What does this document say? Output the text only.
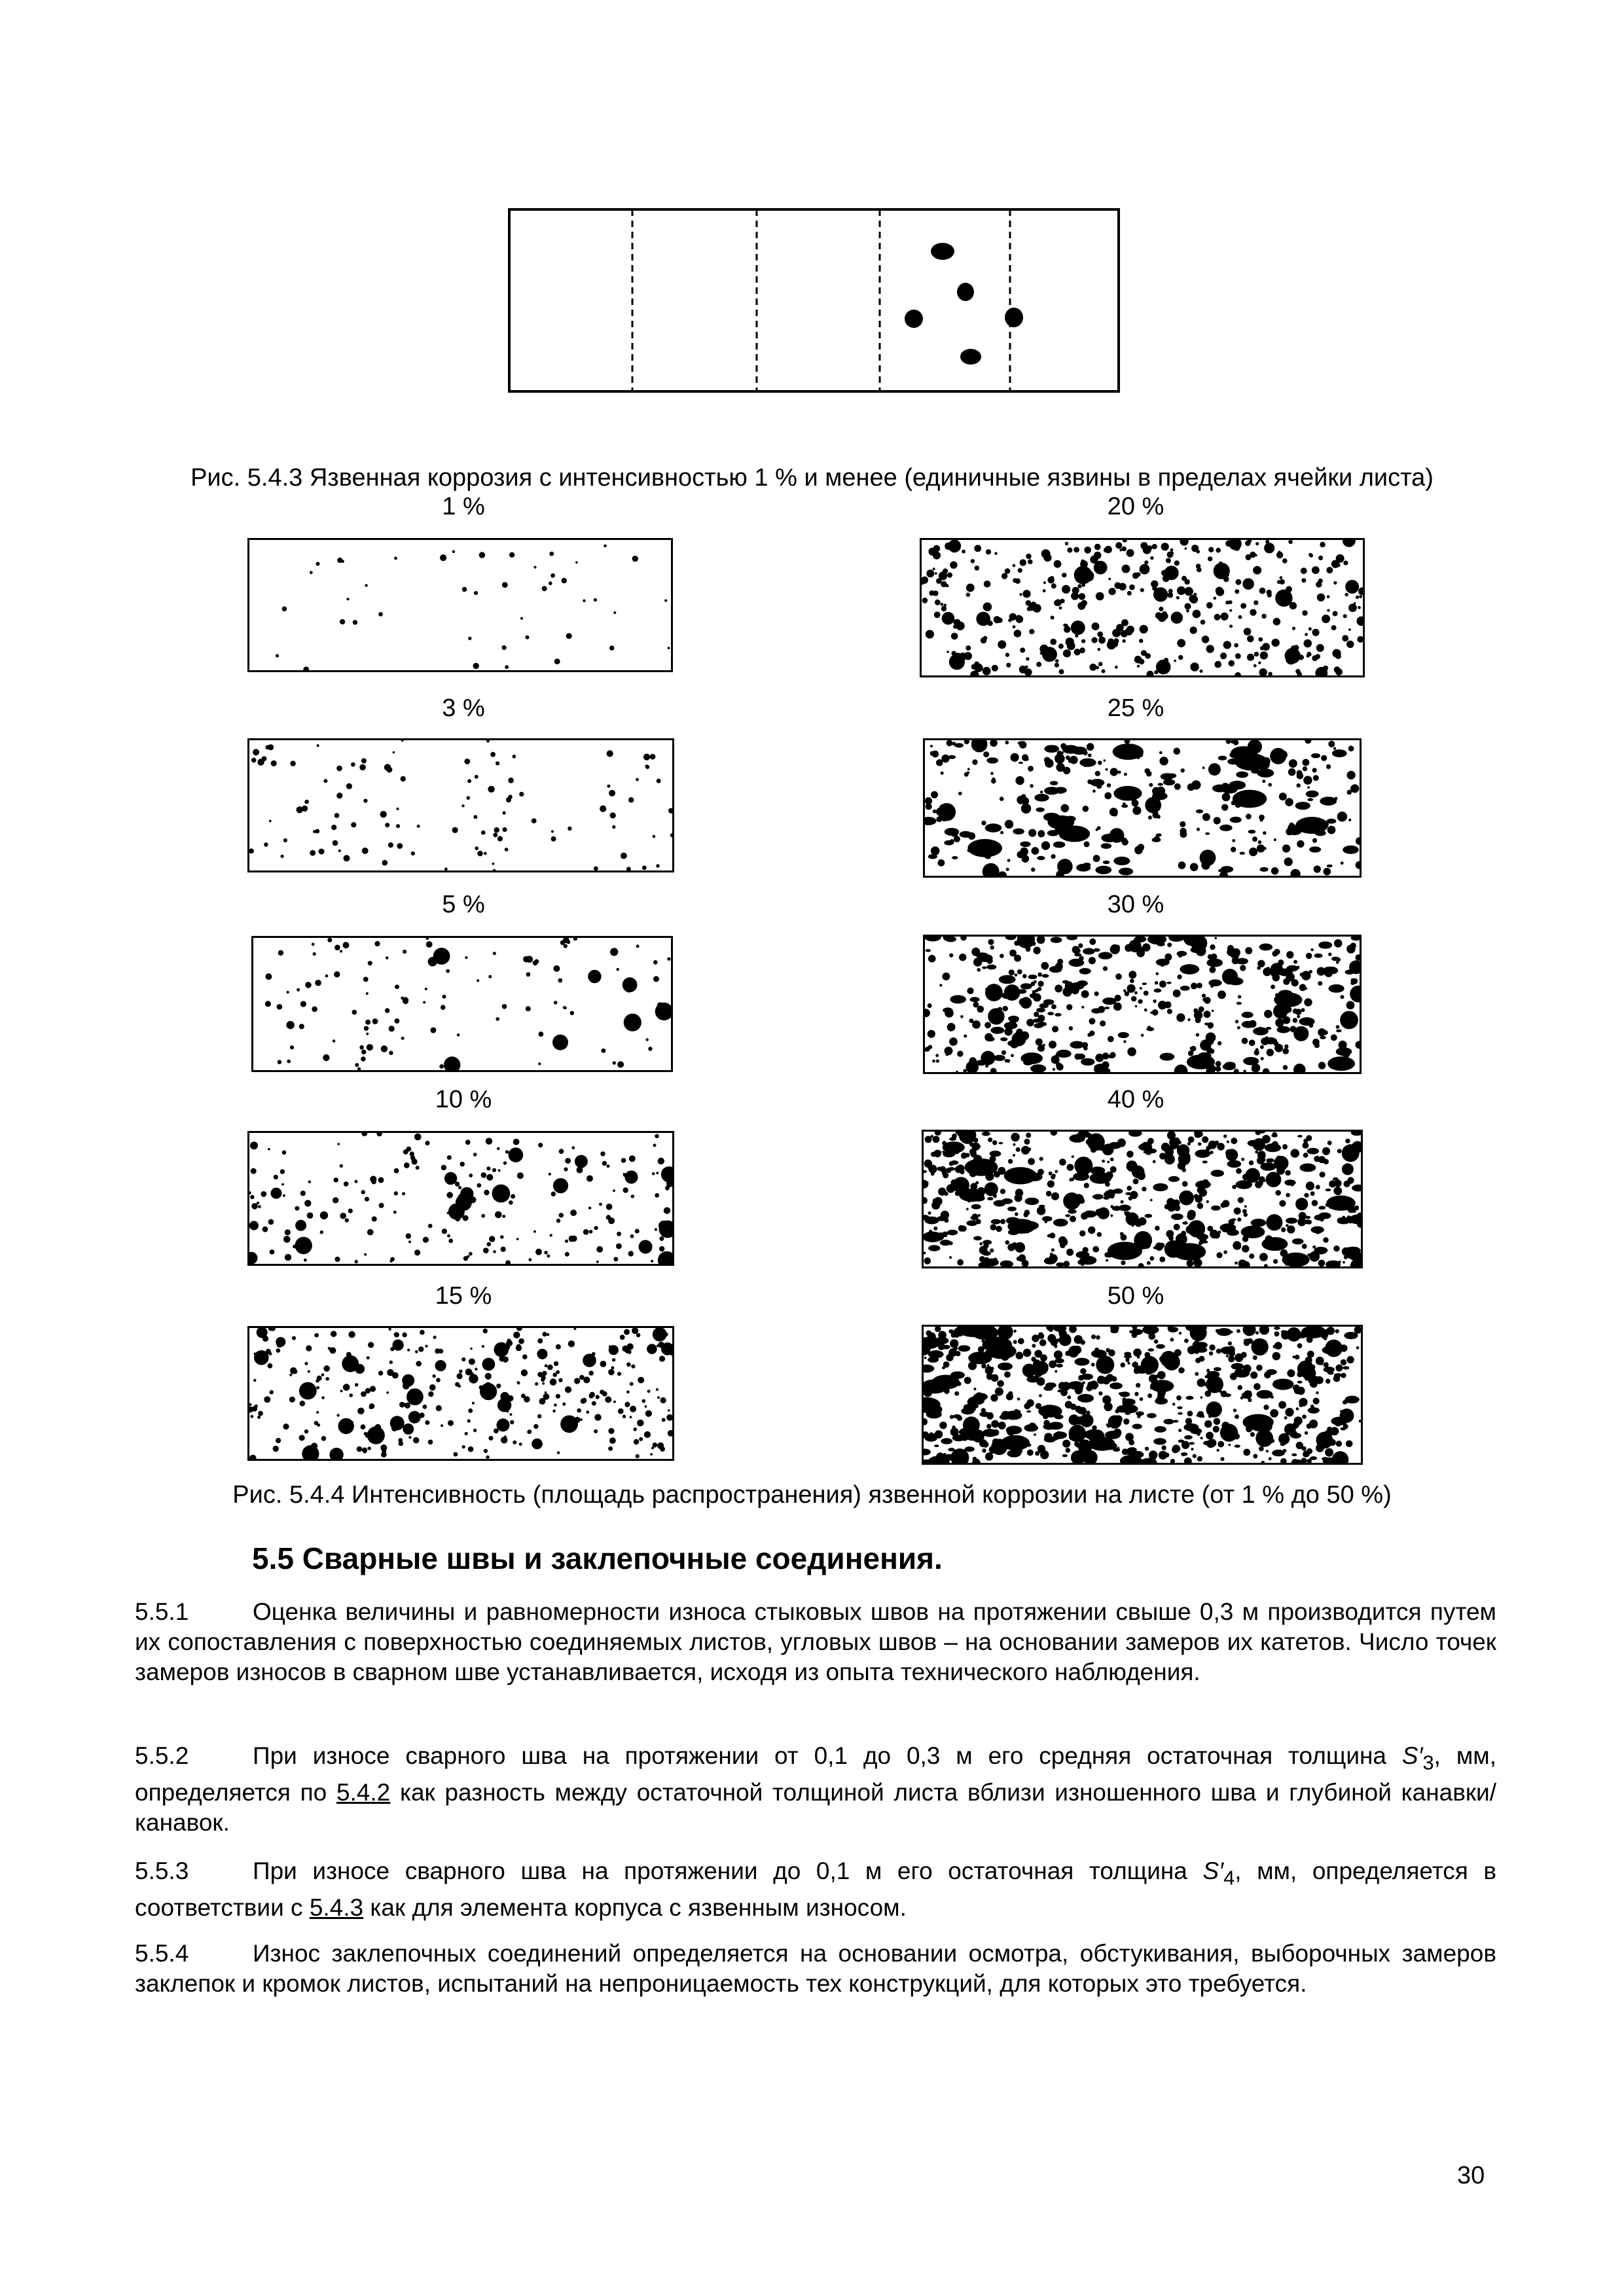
Рис. 5.4.3 Язвенная коррозия с интенсивностью 1 % и менее (единичные язвины в пределах ячейки листа)
1 %	20 %
3 %	25 %
5 %	30 %
10 %	40 %
15 %	50 %
Рис. 5.4.4 Интенсивность (площадь распространения) язвенной коррозии на листе (от 1 % до 50 %)
5.5 Сварные швы и заклепочные соединения.
5.5.1	Оценка величины и равномерности износа стыковых швов на протяжении свыше 0,3 м производится путем их сопоставления с поверхностью соединяемых листов, угловых швов – на основании замеров их катетов. Число точек замеров износов в сварном шве устанавливается, исходя из опыта технического наблюдения.
5.5.2	При износе сварного шва на протяжении от 0,1 до 0,3 м его средняя остаточная толщина $S'_3$, мм, определяется по 5.4.2 как разность между остаточной толщиной листа вблизи изношенного шва и глубиной канавки/канавок.
5.5.3	При износе сварного шва на протяжении до 0,1 м его остаточная толщина $S'_4$, мм, определяется в соответствии с 5.4.3 как для элемента корпуса с язвенным износом.
5.5.4	Износ заклепочных соединений определяется на основании осмотра, обстукивания, выборочных замеров заклепок и кромок листов, испытаний на непроницаемость тех конструкций, для которых это требуется.
30
